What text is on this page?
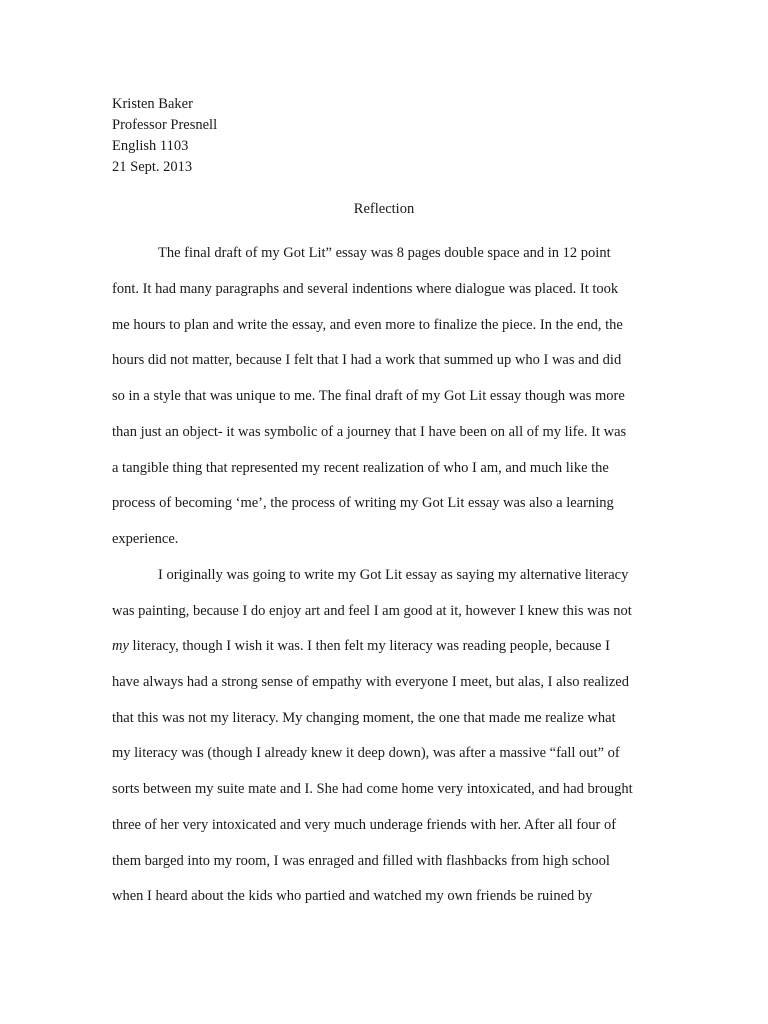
Kristen Baker
Professor Presnell
English 1103
21 Sept. 2013
Reflection
The final draft of my Got Lit” essay was 8 pages double space and in 12 point
font. It had many paragraphs and several indentions where dialogue was placed. It took
me hours to plan and write the essay, and even more to finalize the piece. In the end, the
hours did not matter, because I felt that I had a work that summed up who I was and did
so in a style that was unique to me. The final draft of my Got Lit essay though was more
than just an object- it was symbolic of a journey that I have been on all of my life. It was
a tangible thing that represented my recent realization of who I am, and much like the
process of becoming ‘me’, the process of writing my Got Lit essay was also a learning
experience.
I originally was going to write my Got Lit essay as saying my alternative literacy
was painting, because I do enjoy art and feel I am good at it, however I knew this was not
my literacy, though I wish it was. I then felt my literacy was reading people, because I
have always had a strong sense of empathy with everyone I meet, but alas, I also realized
that this was not my literacy. My changing moment, the one that made me realize what
my literacy was (though I already knew it deep down), was after a massive “fall out” of
sorts between my suite mate and I. She had come home very intoxicated, and had brought
three of her very intoxicated and very much underage friends with her. After all four of
them barged into my room, I was enraged and filled with flashbacks from high school
when I heard about the kids who partied and watched my own friends be ruined by
